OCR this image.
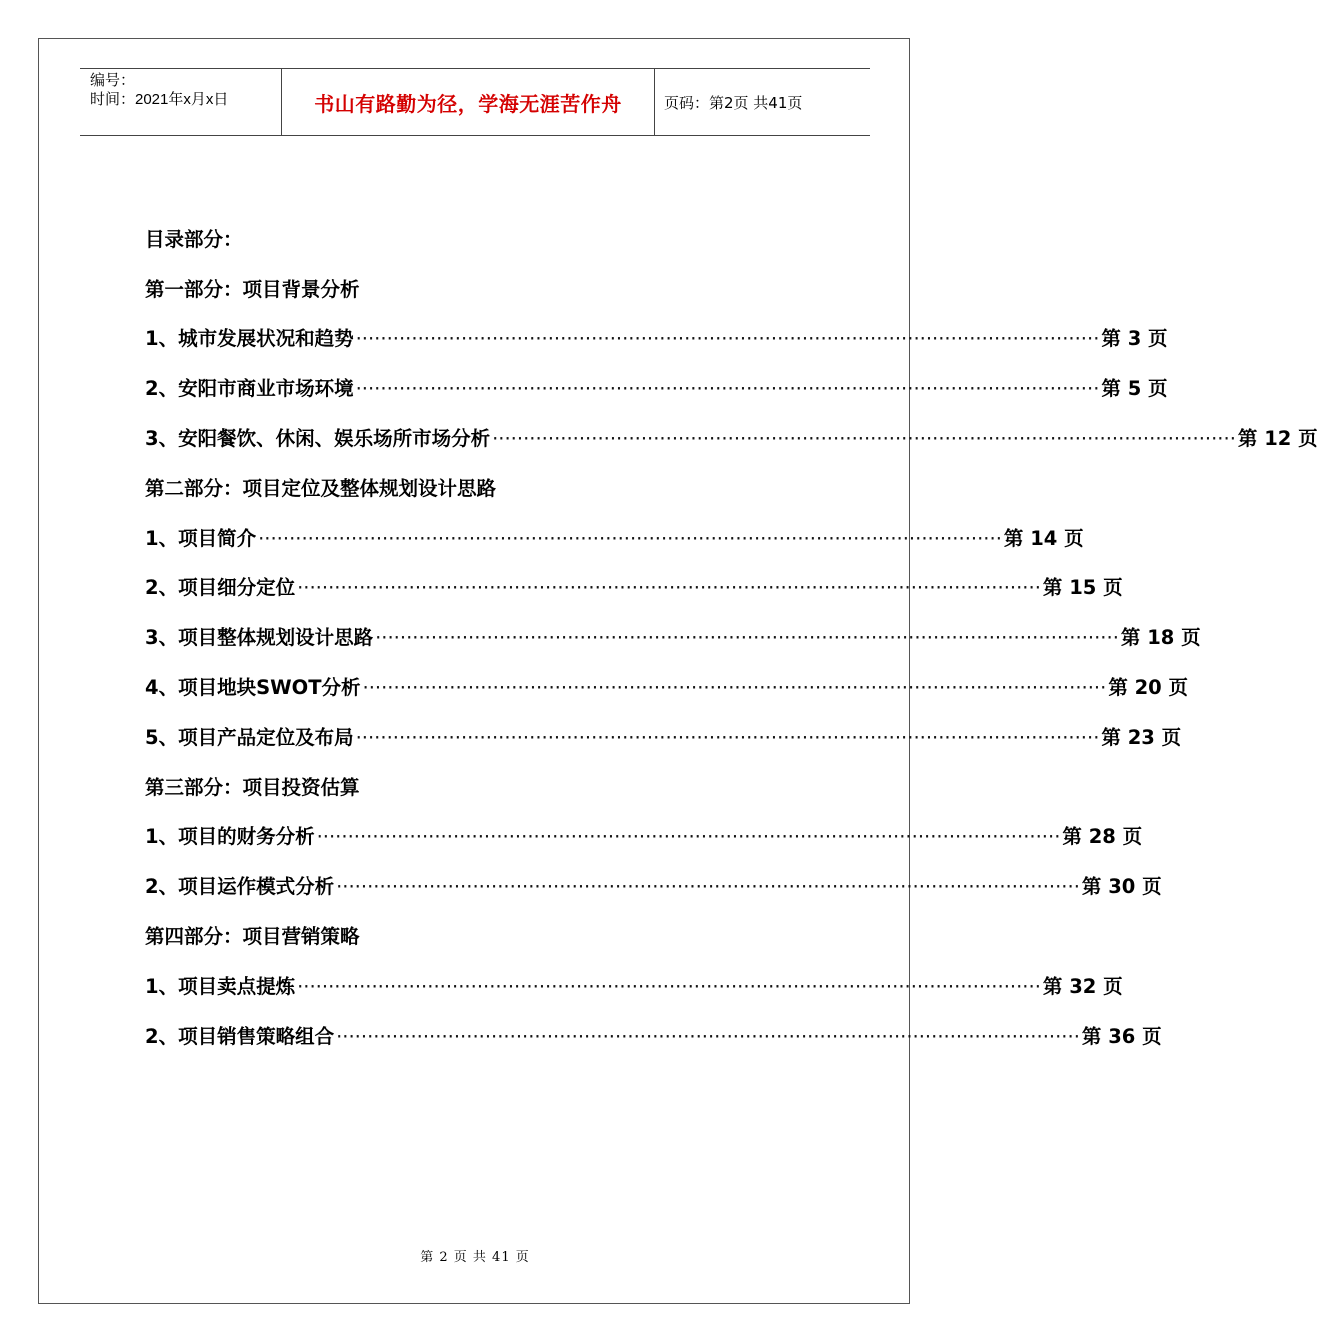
编号：
时间：2021年x月x日	书山有路勤为径，学海无涯苦作舟	页码：第2页 共41页
目录部分：
第一部分：项目背景分析
1、城市发展状况和趋势 ························································································································ 第 3 页
2、安阳市商业市场环境 ························································································································ 第 5 页
3、安阳餐饮、休闲、娱乐场所市场分析 ························································································································ 第 12 页
第二部分：项目定位及整体规划设计思路
1、项目简介 ························································································································ 第 14 页
2、项目细分定位 ························································································································ 第 15 页
3、项目整体规划设计思路 ························································································································ 第 18 页
4、项目地块SWOT分析 ························································································································ 第 20 页
5、项目产品定位及布局 ························································································································ 第 23 页
第三部分：项目投资估算
1、项目的财务分析 ························································································································ 第 28 页
2、项目运作模式分析 ························································································································ 第 30 页
第四部分：项目营销策略
1、项目卖点提炼 ························································································································ 第 32 页
2、项目销售策略组合 ························································································································ 第 36 页
第 2 页 共 41 页
